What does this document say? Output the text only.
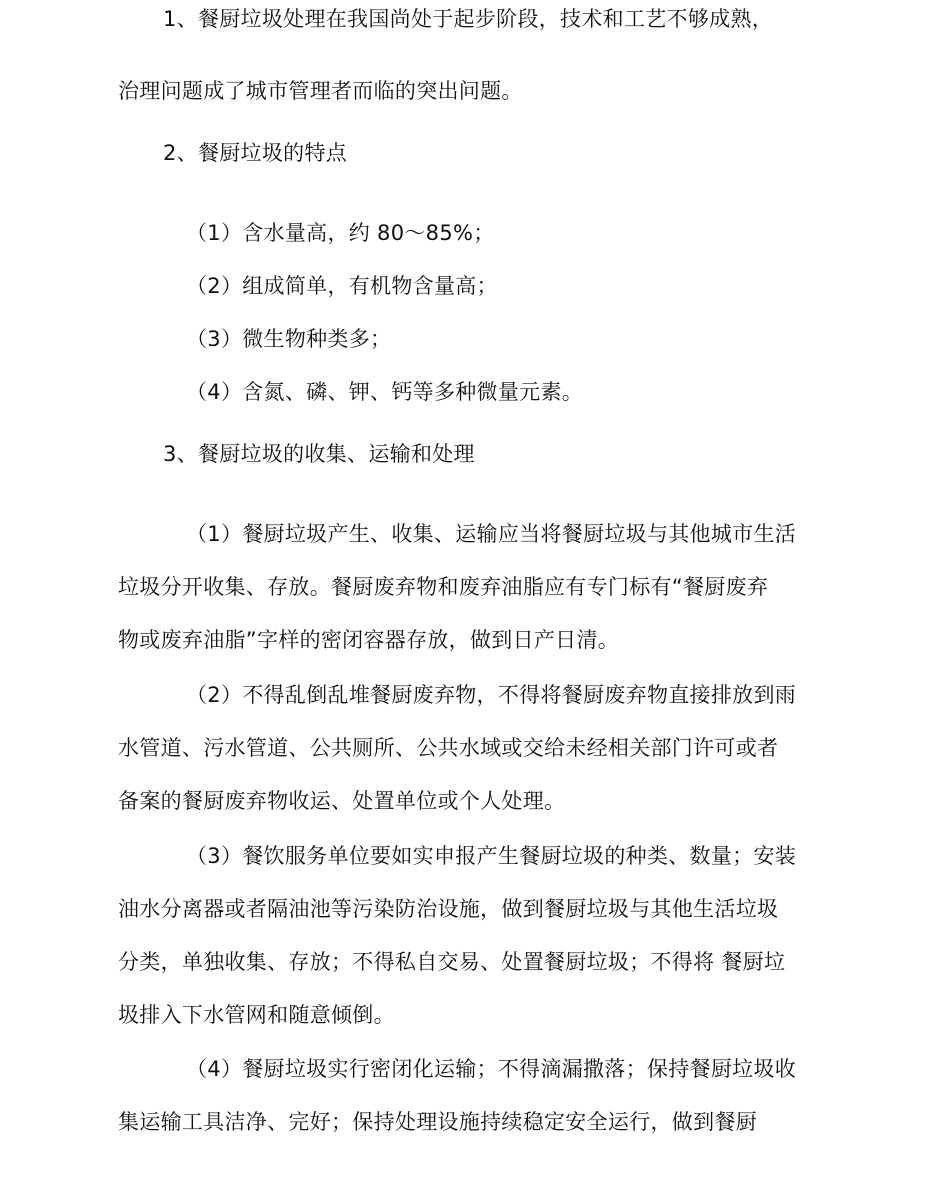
1、餐厨垃圾处理在我国尚处于起步阶段，技术和工艺不够成熟，
治理问题成了城市管理者而临的突出问题。
2、餐厨垃圾的特点
（1）含水量高，约 80〜85%；
（2）组成简单，有机物含量高；
（3）微生物种类多；
（4）含氮、磷、钾、钙等多种微量元素。
3、餐厨垃圾的收集、运输和处理
（1）餐厨垃圾产生、收集、运输应当将餐厨垃圾与其他城市生活
垃圾分开收集、存放。餐厨废弃物和废弃油脂应有专门标有“餐厨废弃
物或废弃油脂”字样的密闭容器存放，做到日产日清。
（2）不得乱倒乱堆餐厨废弃物，不得将餐厨废弃物直接排放到雨
水管道、污水管道、公共厕所、公共水域或交给未经相关部门许可或者
备案的餐厨废弃物收运、处置单位或个人处理。
（3）餐饮服务单位要如实申报产生餐厨垃圾的种类、数量；安装
油水分离器或者隔油池等污染防治设施，做到餐厨垃圾与其他生活垃圾
分类，单独收集、存放；不得私自交易、处置餐厨垃圾；不得将 餐厨垃
圾排入下水管网和随意倾倒。
（4）餐厨垃圾实行密闭化运输；不得滴漏撒落；保持餐厨垃圾收
集运输工具洁净、完好；保持处理设施持续稳定安全运行，做到餐厨
